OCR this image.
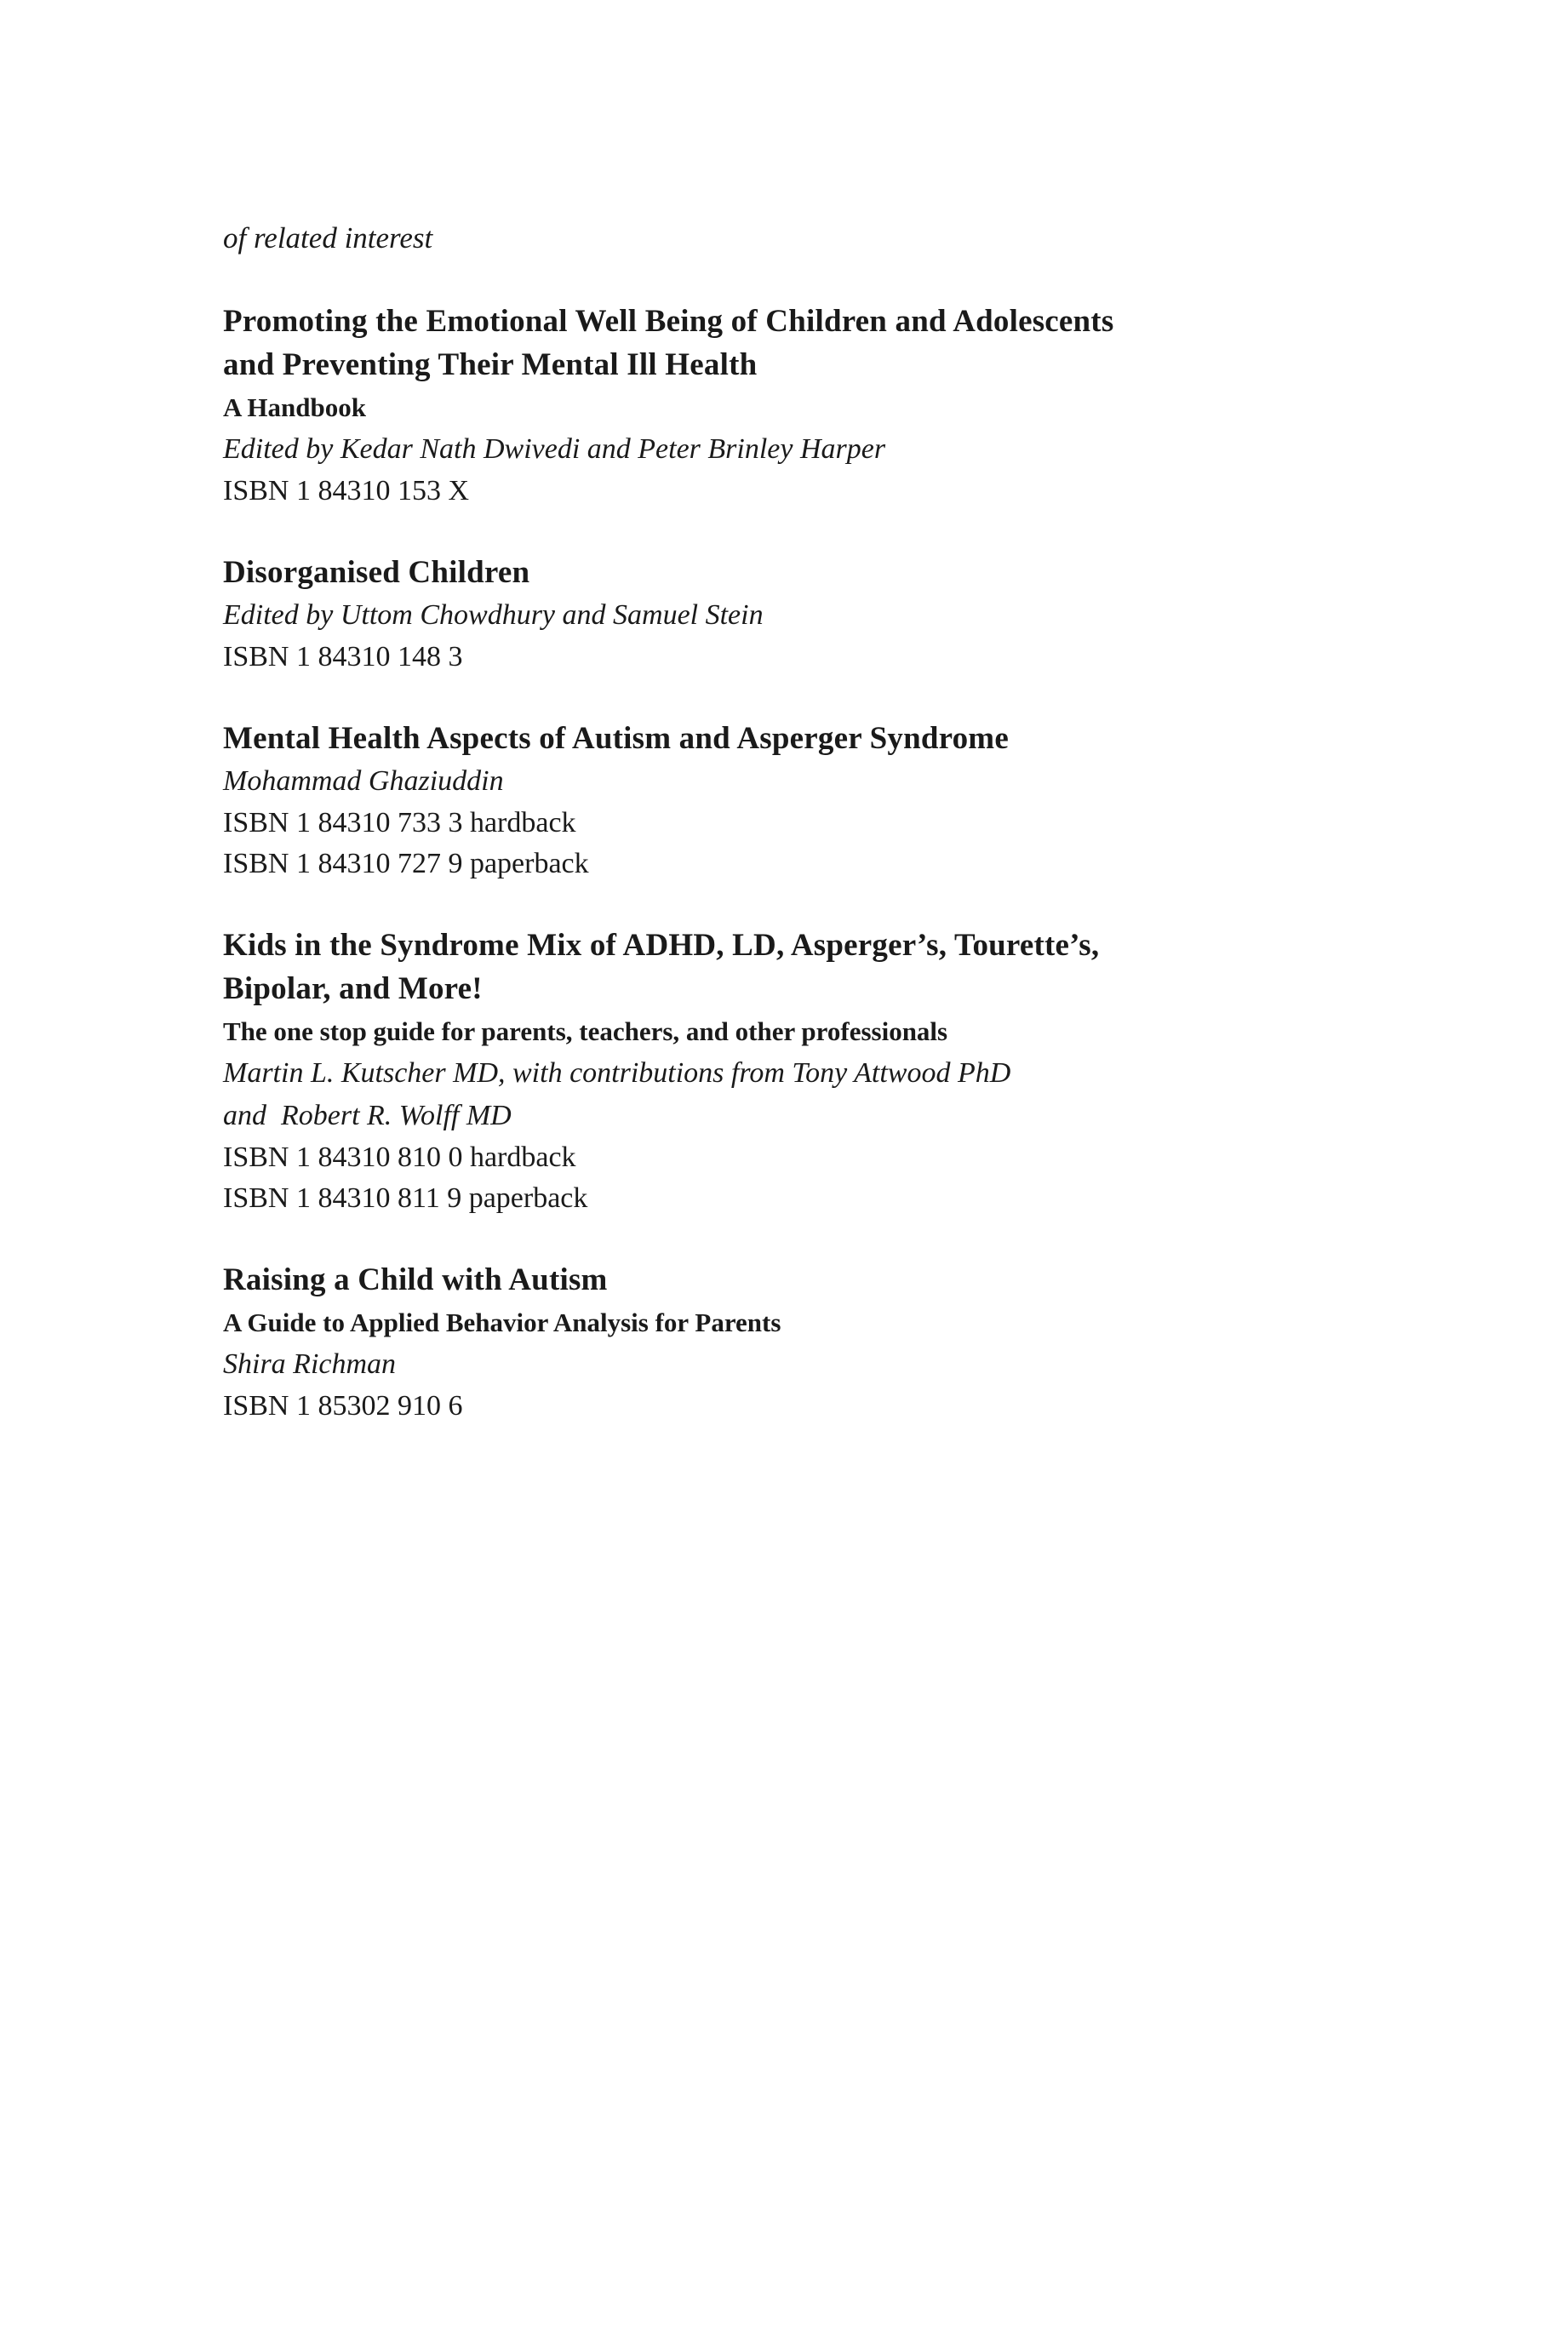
of related interest
Promoting the Emotional Well Being of Children and Adolescents
and Preventing Their Mental Ill Health
A Handbook
Edited by Kedar Nath Dwivedi and Peter Brinley Harper
ISBN 1 84310 153 X
Disorganised Children
Edited by Uttom Chowdhury and Samuel Stein
ISBN 1 84310 148 3
Mental Health Aspects of Autism and Asperger Syndrome
Mohammad Ghaziuddin
ISBN 1 84310 733 3 hardback
ISBN 1 84310 727 9 paperback
Kids in the Syndrome Mix of ADHD, LD, Asperger’s, Tourette’s,
Bipolar, and More!
The one stop guide for parents, teachers, and other professionals
Martin L. Kutscher MD, with contributions from Tony Attwood PhD
and  Robert R. Wolff MD
ISBN 1 84310 810 0 hardback
ISBN 1 84310 811 9 paperback
Raising a Child with Autism
A Guide to Applied Behavior Analysis for Parents
Shira Richman
ISBN 1 85302 910 6
